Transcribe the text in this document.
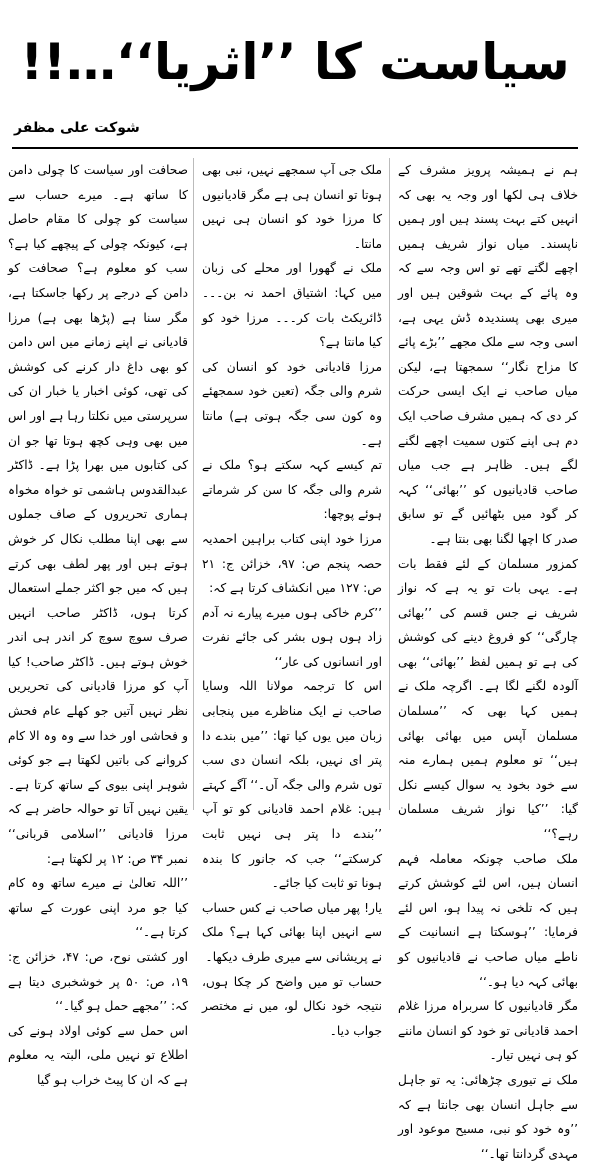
سیاست کا ’’اثریا‘‘…!!
شوکت علی مظفر

ہم نے ہمیشہ پرویز مشرف کے خلاف ہی لکھا اور وجہ یہ بھی کہ انہیں کتے بہت پسند ہیں اور ہمیں ناپسند۔ میاں نواز شریف ہمیں اچھے لگتے تھے تو اس وجہ سے کہ وہ پائے کے بہت شوقین ہیں اور میری بھی پسندیدہ ڈش یہی ہے، اسی وجہ سے ملک مجھے ’’بڑے پائے کا مزاح نگار‘‘ سمجھتا ہے، لیکن میاں صاحب نے ایک ایسی حرکت کر دی کہ ہمیں مشرف صاحب ایک دم ہی اپنے کتوں سمیت اچھے لگنے لگے ہیں۔ ظاہر ہے جب میاں صاحب قادیانیوں کو ’’بھائی‘‘ کہہ کر گود میں بٹھائیں گے تو سابق صدر کا اچھا لگنا بھی بنتا ہے۔

کمزور مسلمان کے لئے فقط بات ہے۔ یہی بات تو یہ ہے کہ نواز شریف نے جس قسم کی ’’بھائی چارگی‘‘ کو فروغ دینے کی کوشش کی ہے تو ہمیں لفظ ’’بھائی‘‘ بھی آلودہ لگنے لگا ہے۔ اگرچہ ملک نے ہمیں کہا بھی کہ ’’مسلمان مسلمان آپس میں بھائی بھائی ہیں‘‘ تو معلوم ہمیں ہمارے منہ سے خود بخود یہ سوال کیسے نکل گیا: ’’کیا نواز شریف مسلمان رہے؟‘‘

ملک صاحب چونکہ معاملہ فہم انسان ہیں، اس لئے کوشش کرتے ہیں کہ تلخی نہ پیدا ہو، اس لئے فرمایا: ’’ہوسکتا ہے انسانیت کے ناطے میاں صاحب نے قادیانیوں کو بھائی کہہ دیا ہو۔‘‘

مگر قادیانیوں کا سربراہ مرزا غلام احمد قادیانی تو خود کو انسان ماننے کو ہی نہیں تیار۔

ملک نے تیوری چڑھائی: یہ تو جاہل سے جاہل انسان بھی جانتا ہے کہ ’’وہ خود کو نبی، مسیح موعود اور مہدی گردانتا تھا۔‘‘

ملک جی آپ سمجھے نہیں، نبی بھی ہوتا تو انسان ہی ہے مگر قادیانیوں کا مرزا خود کو انسان ہی نہیں مانتا۔

ملک نے گھورا اور محلے کی زبان میں کہا: اشتیاق احمد نہ بن۔۔۔ ڈائریکٹ بات کر۔۔۔ مرزا خود کو کیا مانتا ہے؟

مرزا قادیانی خود کو انسان کی شرم والی جگہ (تعین خود سمجھئے وہ کون سی جگہ ہوتی ہے) مانتا ہے۔

تم کیسے کہہ سکتے ہو؟ ملک نے شرم والی جگہ کا سن کر شرماتے ہوئے پوچھا:

مرزا خود اپنی کتاب براہین احمدیہ حصہ پنجم ص: ۹۷، خزائن ج: ۲۱ ص: ۱۲۷ میں انکشاف کرتا ہے کہ:

’’کرم خاکی ہوں میرے پیارے نہ آدم زاد ہوں ہوں بشر کی جائے نفرت اور انسانوں کی عار‘‘

اس کا ترجمہ مولانا اللہ وسایا صاحب نے ایک مناظرے میں پنجابی زبان میں یوں کیا تھا: ’’میں بندے دا پتر ای نہیں، بلکہ انسان دی سب توں شرم والی جگہ آں۔‘‘ آگے کہتے ہیں: غلام احمد قادیانی کو تو آپ ’’بندے دا پتر ہی نہیں ثابت کرسکتے‘‘ جب کہ جانور کا بندہ ہونا تو ثابت کیا جائے۔

یار! پھر میاں صاحب نے کس حساب سے انہیں اپنا بھائی کہا ہے؟ ملک نے پریشانی سے میری طرف دیکھا۔

حساب تو میں واضح کر چکا ہوں، نتیجہ خود نکال لو، میں نے مختصر جواب دیا۔

صحافت اور سیاست کا چولی دامن کا ساتھ ہے۔ میرے حساب سے سیاست کو چولی کا مقام حاصل ہے، کیونکہ چولی کے پیچھے کیا ہے؟ سب کو معلوم ہے؟ صحافت کو دامن کے درجے پر رکھا جاسکتا ہے، مگر سنا ہے (پڑھا بھی ہے) مرزا قادیانی نے اپنے زمانے میں اس دامن کو بھی داغ دار کرنے کی کوشش کی تھی، کوئی اخبار یا خبار ان کی سرپرستی میں نکلتا رہا ہے اور اس میں بھی وہی کچھ ہوتا تھا جو ان کی کتابوں میں بھرا پڑا ہے۔ ڈاکٹر عبدالقدوس ہاشمی تو خواہ مخواہ ہماری تحریروں کے صاف جملوں سے بھی اپنا مطلب نکال کر خوش ہوتے ہیں اور پھر لطف بھی کرتے ہیں کہ میں جو اکثر جملے استعمال کرتا ہوں، ڈاکٹر صاحب انہیں صرف سوچ سوچ کر اندر ہی اندر خوش ہوتے ہیں۔ ڈاکٹر صاحب! کیا آپ کو مرزا قادیانی کی تحریریں نظر نہیں آتیں جو کھلے عام فحش و فحاشی اور خدا سے وہ وہ الا کام کروانے کی باتیں لکھتا ہے جو کوئی شوہر اپنی بیوی کے ساتھ کرتا ہے۔ یقین نہیں آتا تو حوالہ حاضر ہے کہ مرزا قادیانی ’’اسلامی قربانی‘‘ نمبر ۳۴ ص: ۱۲ پر لکھتا ہے:

’’اللہ تعالیٰ نے میرے ساتھ وہ کام کیا جو مرد اپنی عورت کے ساتھ کرتا ہے۔‘‘

اور کشتی نوح، ص: ۴۷، خزائن ج: ۱۹، ص: ۵۰ پر خوشخبری دیتا ہے کہ: ’’مجھے حمل ہو گیا۔‘‘

اس حمل سے کوئی اولاد ہونے کی اطلاع تو نہیں ملی، البتہ یہ معلوم ہے کہ ان کا پیٹ خراب ہو گیا
